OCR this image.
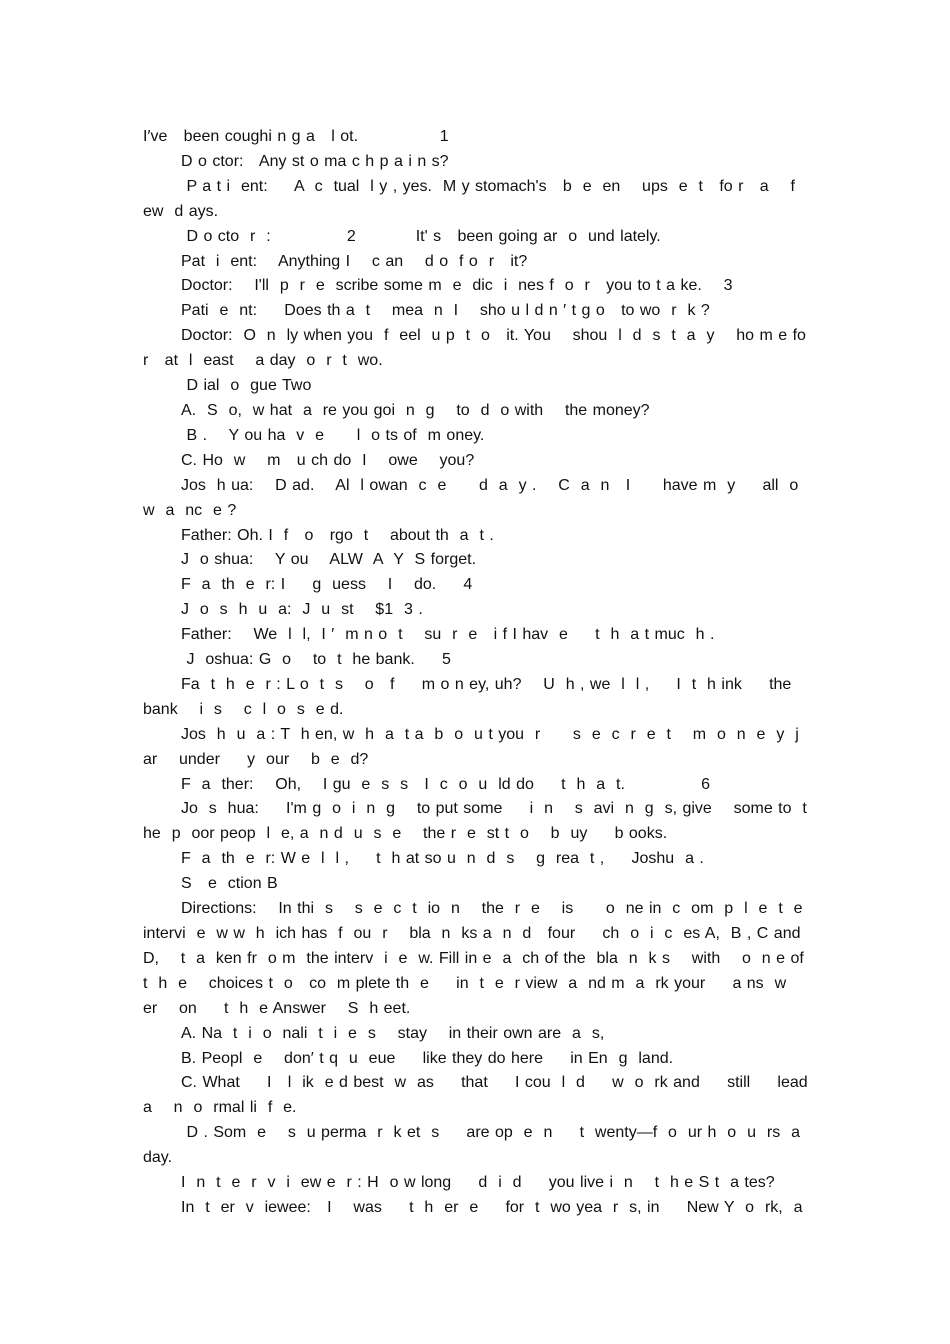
I′ve   been coughi n g a   l ot.               1

D o ctor:   Any st o ma c h p a i n s?

P a t i  ent:     A  c  tual  l y , yes.  M y stomach's   b  e  en    ups  e  t   fo r   a    f ew  d ays.

D o cto  r  :              2           It' s   been going ar  o  und lately.

Pat  i  ent:    Anything I    c an    d o  f o  r   it?

Doctor:    I'll  p  r  e  scribe some m  e  dic  i  nes f  o  r   you to t a ke.    3

Pati  e  nt:     Does th a  t    mea  n  I    sho u l d n ′ t g o   to wo  r  k ?

Doctor:  O  n  ly when you  f  eel  u p  t  o   it. You    shou  l  d  s  t  a  y    ho m e fo  r   at  l  east    a day  o  r  t  wo.

D ial  o  gue Two

A.  S  o,  w hat  a  re you goi  n  g    to  d  o with    the money?

B .    Y ou ha  v  e      l  o ts of  m oney.

C. Ho  w    m   u ch do  I    owe    you?

Jos  h ua:    D ad.    Al  l owan  c  e      d  a  y .    C  a  n   I      have m  y     all  o w  a  nc  e ?

Father: Oh. I  f   o   rgo  t    about th  a  t .

J  o shua:    Y ou    ALW  A  Y  S forget.

F  a  th  e  r: I     g  uess    I    do.     4

J  o  s  h  u  a:  J  u  st    $1  3 .

Father:    We  l  l,  I ′  m n o  t    su  r  e   i f I hav  e     t  h  a t muc  h .

J  oshua: G  o    to  t  he bank.     5

Fa  t  h  e  r : L o  t  s    o   f     m o n ey, uh?    U  h , we  l  l ,     I  t  h ink     the bank    i  s    c  l  o  s  e d.

Jos  h  u  a : T  h en, w  h  a  t a  b  o  u t you  r      s  e  c  r  e  t    m  o  n  e  y  j ar    under     y  our    b  e  d?

F  a  ther:    Oh,    I gu  e  s  s   I  c  o  u  ld do     t  h  a  t.              6

Jo  s  hua:     I'm g  o  i  n  g    to put some     i  n    s  avi  n  g  s, give    some to  t  he  p  oor peop  l  e, a  n d  u  s  e    the r  e  st t  o    b  uy     b ooks.

F  a  th  e  r: W e  l  l ,     t  h at so u  n  d  s    g  rea  t ,     Joshu  a .

S   e  ction B

Directions:    In thi  s    s  e  c  t  io  n    the  r  e    is      o  ne in  c  om  p  l  e  t  e intervi  e  w w  h  ich has  f  ou  r    bla  n  ks a  n  d   four     ch  o  i  c  es A,  B , C and D,    t  a  ken fr  o m  the interv  i  e  w. Fill in e  a  ch of the  bla  n  k s    with    o  n e of t  h  e    choices t  o   co  m plete th  e     in  t  e  r view  a  nd m  a  rk your     a ns  w  er    on     t  h  e Answer    S  h eet.

A. Na  t  i  o  nali  t  i  e  s    stay    in their own are  a  s,

B. Peopl  e    don′ t q  u  eue     like they do here     in En  g  land.

C. What     I   l  ik  e d best  w  as     that     I cou  l  d     w  o  rk and     still     lead a    n  o  rmal li  f  e.

D . Som  e    s  u perma  r  k et  s     are op  e  n     t  wenty—f  o  ur h  o  u  rs  a   day.

I  n  t  e  r  v  i  ew e  r : H  o w long     d  i  d     you live i  n    t  h e S t  a tes?

In  t  er  v  iewee:   I    was     t  h  er  e     for  t  wo yea  r  s, in     New Y  o  rk,  a
